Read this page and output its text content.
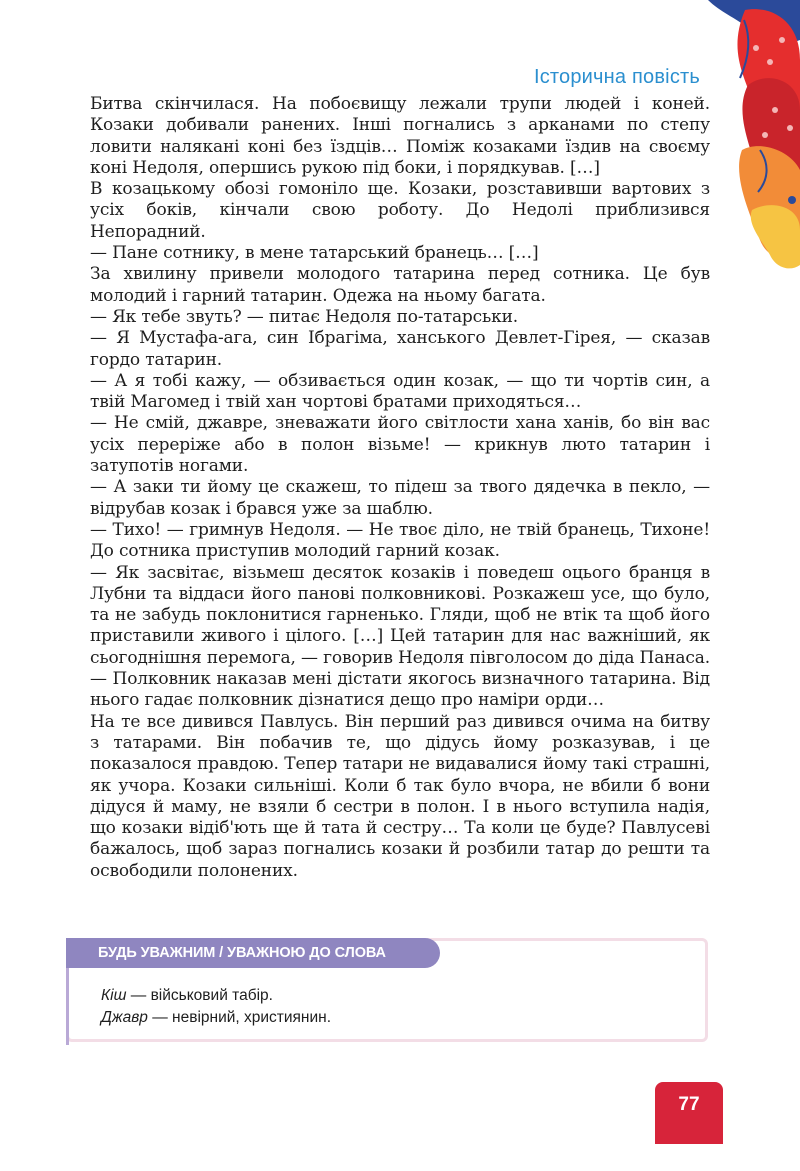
Історична повість

Битва скінчилася. На побоєвищу лежали трупи людей і коней. Козаки добивали ранених. Інші погнались з арканами по степу ловити налякані коні без їздців… Поміж козаками їздив на своєму коні Недоля, опершись рукою під боки, і порядкував. […]

В козацькому обозі гомоніло ще. Козаки, розставивши вартових з усіх боків, кінчали свою роботу. До Недолі приблизився Непорадний.

— Пане сотнику, в мене татарський бранець… […]

За хвилину привели молодого татарина перед сотника. Це був молодий і гарний татарин. Одежа на ньому багата.

— Як тебе звуть? — питає Недоля по-татарськи.

— Я Мустафа-ага, син Ібрагіма, ханського Девлет-Гірея, — сказав гордо татарин.

— А я тобі кажу, — обзивається один козак, — що ти чортів син, а твій Магомед і твій хан чортові братами приходяться…

— Не смій, джавре, зневажати його світлости хана ханів, бо він вас усіх переріже або в полон візьме! — крикнув люто татарин і затупотів ногами.

— А заки ти йому це скажеш, то підеш за твого дядечка в пекло, — відрубав козак і брався уже за шаблю.

— Тихо! — гримнув Недоля. — Не твоє діло, не твій бранець, Тихоне! До сотника приступив молодий гарний козак.

— Як засвітає, візьмеш десяток козаків і поведеш оцього бранця в Лубни та віддаси його панові полковникові. Розкажеш усе, що було, та не забудь поклонитися гарненько. Гляди, щоб не втік та щоб його приставили живого і цілого. […] Цей татарин для нас важніший, як сьогоднішня перемога, — говорив Недоля півголосом до діда Панаса. — Полковник наказав мені дістати якогось визначного татарина. Від нього гадає полковник дізнатися дещо про наміри орди…

На те все дивився Павлусь. Він перший раз дивився очима на битву з татарами. Він побачив те, що дідусь йому розказував, і це показалося правдою. Тепер татари не видавалися йому такі страшні, як учора. Козаки сильніші. Коли б так було вчора, не вбили б вони дідуся й маму, не взяли б сестри в полон. І в нього вступила надія, що козаки відіб'ють ще й тата й сестру… Та коли це буде? Павлусеві бажалось, щоб зараз погнались козаки й розбили татар до решти та освободили полонених.

БУДЬ УВАЖНИМ / УВАЖНОЮ ДО СЛОВА
Кіш — військовий табір.
Джавр — невірний, християнин.
77
